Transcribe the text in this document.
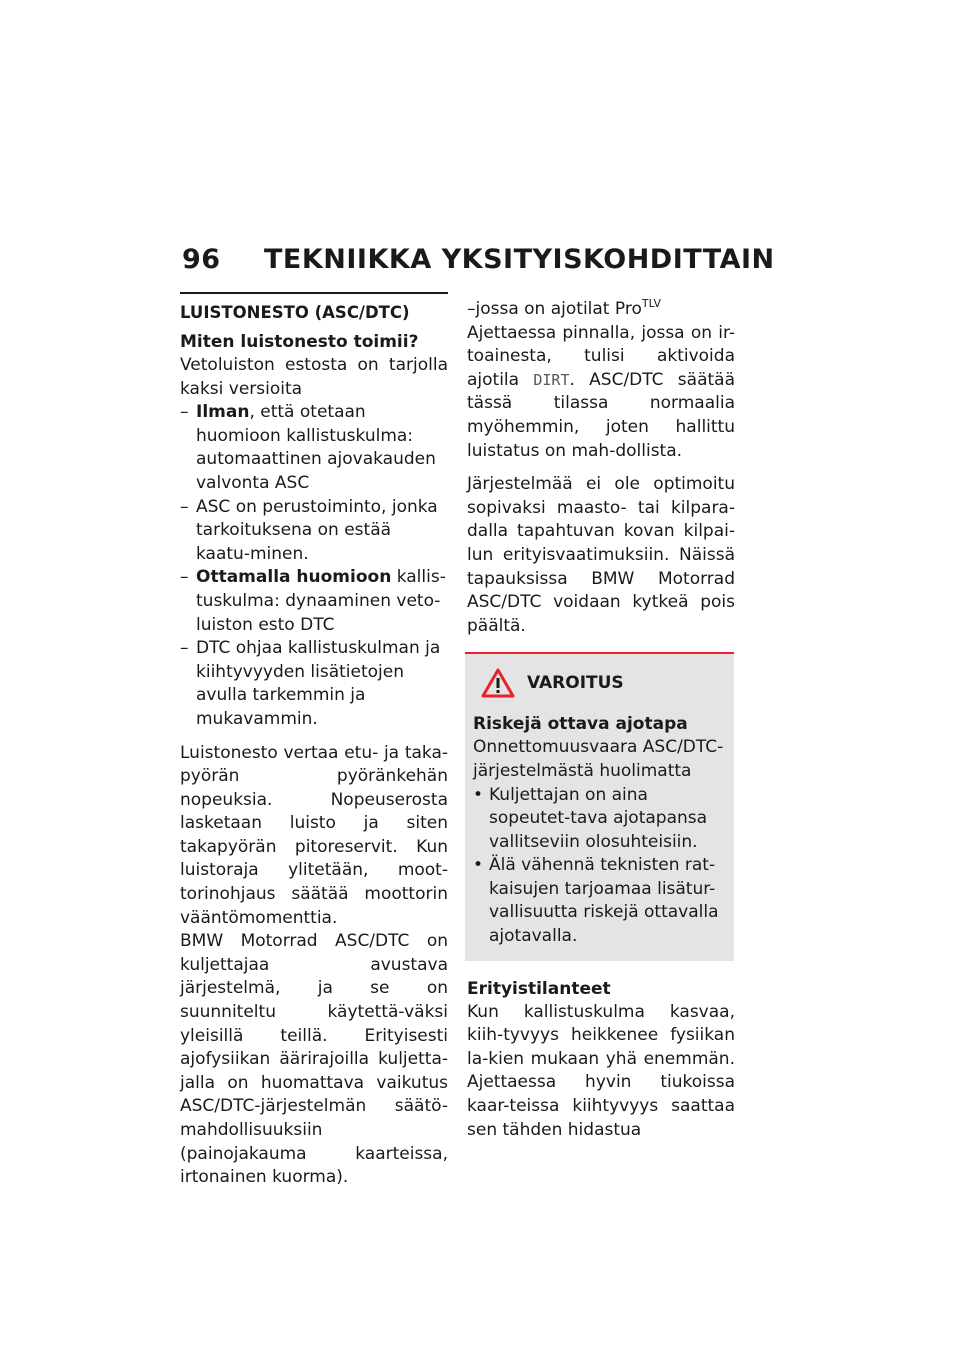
96 TEKNIIKKA YKSITYISKOHDITTAIN
LUISTONESTO (ASC/DTC)
Miten luistonesto toimii?

Vetoluiston estosta on tarjolla kaksi versioita

– Ilman, että otetaan huomioon kallistuskulma: automaattinen ajovakauden valvonta ASC
– ASC on perustoiminto, jonka tarkoituksena on estää kaatu-minen.
– Ottamalla huomioon kallis-tuskulma: dynaaminen veto-luiston esto DTC
– DTC ohjaa kallistuskulman ja kiihtyvyyden lisätietojen avulla tarkemmin ja mukavammin.

Luistonesto vertaa etu- ja taka-pyörän pyöränkehän nopeuksia. Nopeuserosta lasketaan luisto ja siten takapyörän pitoreservit. Kun luistoraja ylitetään, moot-torinohjaus säätää moottorin vääntömomenttia.

BMW Motorrad ASC/DTC on kuljettajaa avustava järjestelmä, ja se on suunniteltu käytettä-väksi yleisillä teillä. Erityisesti ajofysiikan äärirajoilla kuljetta-jalla on huomattava vaikutus ASC/DTC-järjestelmän säätö-mahdollisuuksiin (painojakauma kaarteissa, irtonainen kuorma).

–jossa on ajotilat Pro$^{TLV}$
Ajettaessa pinnalla, jossa on ir-toainesta, tulisi aktivoida ajotila DIRT. ASC/DTC säätää tässä tilassa normaalia myöhemmin, joten hallittu luistatus on mah-dollista.

Järjestelmää ei ole optimoitu sopivaksi maasto- tai kilpara-dalla tapahtuvan kovan kilpai-lun erityisvaatimuksiin. Näissä tapauksissa BMW Motorrad ASC/DTC voidaan kytkeä pois päältä.

VAROITUS
Riskejä ottava ajotapa

Onnettomuusvaara ASC/DTC-järjestelmästä huolimatta

• Kuljettajan on aina sopeutet-tava ajotapansa vallitseviin olosuhteisiin.
• Älä vähennä teknisten rat-kaisujen tarjoamaa lisätur-vallisuutta riskejä ottavalla ajotavalla.
Erityistilanteet

Kun kallistuskulma kasvaa, kiih-tyvyys heikkenee fysiikan la-kien mukaan yhä enemmän. Ajettaessa hyvin tiukoissa kaar-teissa kiihtyvyys saattaa sen tähden hidastua
